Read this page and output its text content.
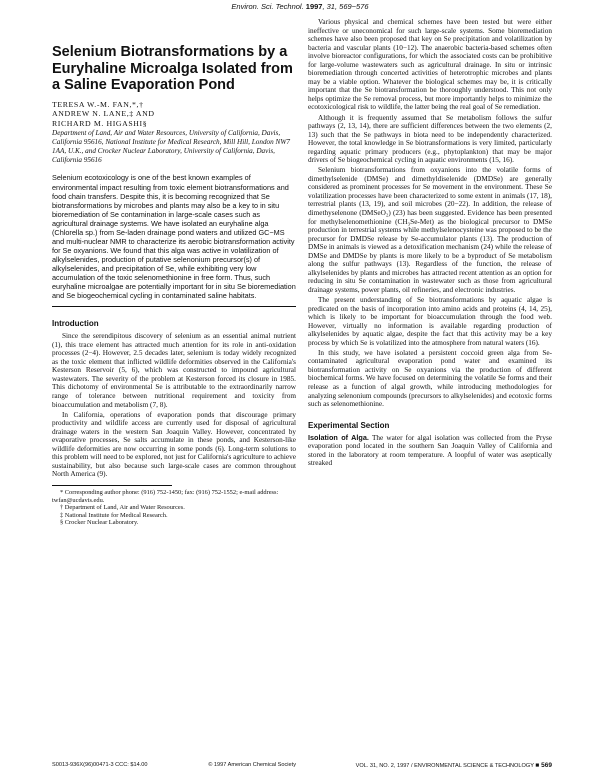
Environ. Sci. Technol. 1997, 31, 569−576
Selenium Biotransformations by a Euryhaline Microalga Isolated from a Saline Evaporation Pond
TERESA W.-M. FAN,*,†
ANDREW N. LANE,‡ AND
RICHARD M. HIGASHI§
Department of Land, Air and Water Resources, University of California, Davis, California 95616, National Institute for Medical Research, Mill Hill, London NW7 1AA, U.K., and Crocker Nuclear Laboratory, University of California, Davis, California 95616
Selenium ecotoxicology is one of the best known examples of environmental impact resulting from toxic element biotransformations and food chain transfers. Despite this, it is becoming recognized that Se biotransformations by microbes and plants may also be a key to in situ bioremediation of Se contamination in large-scale cases such as agricultural drainage systems. We have isolated an euryhaline alga (Chlorella sp.) from Se-laden drainage pond waters and utilized GC−MS and multi-nuclear NMR to characterize its aerobic biotransformation activity for Se oxyanions. We found that this alga was active in volatilization of alkylselenides, production of putative selenonium precursor(s) of alkylselenides, and precipitation of Se, while exhibiting very low accumulation of the toxic selenomethionine in free form. Thus, such euryhaline microalgae are potentially important for in situ Se bioremediation and Se biogeochemical cycling in contaminated saline habitats.
Introduction

Since the serendipitous discovery of selenium as an essential animal nutrient (1), this trace element has attracted much attention for its role in anti-oxidation processes (2−4). However, 2.5 decades later, selenium is today widely recognized as the toxic element that inflicted wildlife deformities observed in the California's Kesterson Reservoir (5, 6), which was constructed to impound agricultural wastewaters. The severity of the problem at Kesterson forced its closure in 1985. This dichotomy of environmental Se is attributable to the extraordinarily narrow range of tolerance between nutritional requirement and toxicity from bioaccumulation and metabolism (7, 8).

In California, operations of evaporation ponds that discourage primary productivity and wildlife access are currently used for disposal of agricultural drainage waters in the western San Joaquin Valley. However, concentrated by evaporative processes, Se salts accumulate in these ponds, and Kesterson-like wildlife deformities are now occurring in some ponds (6). Long-term solutions to this problem will need to be explored, not just for California's agriculture to achieve sustainability, but also because such large-scale cases are common throughout North America (9).

* Corresponding author phone: (916) 752-1450; fax: (916) 752-1552; e-mail address: twfan@ucdavis.edu.
† Department of Land, Air and Water Resources.
‡ National Institute for Medical Research.
§ Crocker Nuclear Laboratory.

Various physical and chemical schemes have been tested but were either ineffective or uneconomical for such large-scale systems. Some bioremediation schemes have also been proposed that key on Se precipitation and volatilization by bacteria and vascular plants (10−12). The anaerobic bacteria-based schemes often involve bioreactor configurations, for which the associated costs can be prohibitive for large-volume wastewaters such as agricultural drainage. In situ or intrinsic bioremediation through concerted activities of heterotrophic microbes and plants may be a viable option. Whatever the biological schemes may be, it is critically important that the Se biotransformation be thoroughly understood. This not only helps optimize the Se removal process, but more importantly helps to minimize the ecotoxicological risk to wildlife, the latter being the real goal of Se remediation.

Although it is frequently assumed that Se metabolism follows the sulfur pathways (2, 13, 14), there are sufficient differences between the two elements (2, 13) such that the Se pathways in biota need to be independently characterized. However, the total knowledge in Se biotransformations is very limited, particularly regarding aquatic primary producers (e.g., phytoplankton) that may be major drivers of Se biogeochemical cycling in aquatic environments (15, 16).

Selenium biotransformations from oxyanions into the volatile forms of dimethylselenide (DMSe) and dimethyldiselenide (DMDSe) are generally considered as prominent processes for Se movement in the environment. These Se volatilization processes have been characterized to some extent in animals (17, 18), terrestrial plants (13, 19), and soil microbes (20−22). In addition, the release of dimethyselenone (DMSeO₂) (23) has been suggested. Evidence has been presented for methylselenomethionine (CH₃Se-Met) as the biological precursor to DMSe production in terrestrial systems while methylselenocysteine was proposed to be the precursor for DMDSe release by Se-accumulator plants (13). The production of DMSe in animals is viewed as a detoxification mechanism (24) while the release of DMSe and DMDSe by plants is more likely to be a byproduct of Se metabolism along the sulfur pathways (13). Regardless of the function, the release of alkylselenides by plants and microbes has attracted recent attention as an option for reducing in situ Se contamination in wastewater such as those from agricultural drainage systems, power plants, oil refineries, and electronic industries.

The present understanding of Se biotransformations by aquatic algae is predicated on the basis of incorporation into amino acids and proteins (4, 14, 25), which is likely to be important for bioaccumulation through the food web. However, virtually no information is available regarding production of alkylselenides by aquatic algae, despite the fact that this activity may be a key process by which Se is volatilized into the atmosphere from natural waters (16).

In this study, we have isolated a persistent coccoid green alga from Se-contaminated agricultural evaporation pond water and examined its biotransformation activity on Se oxyanions via the production of different biochemical forms. We have focused on determining the volatile Se forms and their release as a function of algal growth, while introducing methodologies for analyzing selenonium compounds (precursors to alkylselenides) and ecotoxic forms such as selenomethionine.

Experimental Section

Isolation of Alga. The water for algal isolation was collected from the Pryse evaporation pond located in the southern San Joaquin Valley of California and stored in the laboratory at room temperature. A loopful of water was aseptically streaked

S0013-936X(96)00471-3 CCC: $14.00	© 1997 American Chemical Society	VOL. 31, NO. 2, 1997 / ENVIRONMENTAL SCIENCE & TECHNOLOGY ■ 569
